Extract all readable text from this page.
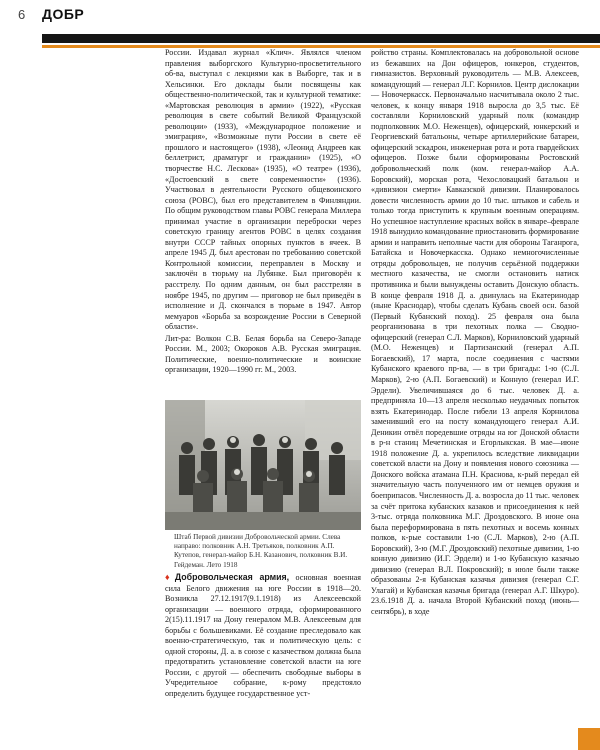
6 ДОБР

России. Издавал журнал «Клич». Являлся членом правления выборгского Культурно-просветительного об-ва, выступал с лекциями как в Выборге, так и в Хельсинки. Его доклады были посвящены как общественно-политической, так и культурной тематике: «Мартовская революция в армии» (1922), «Русская революция в свете событий Великой Французской революции» (1933), «Международное положение и эмиграция», «Возможные пути России в свете её прошлого и настоящего» (1938), «Леонид Андреев как беллетрист, драматург и гражданин» (1925), «О творчестве Н.С. Лескова» (1935), «О театре» (1936), «Достоевский в свете современности» (1936). Участвовал в деятельности Русского общевоинского союза (РОВС), был его представителем в Финляндии. По общим руководством главы РОВС генерала Миллера принимал участие в организации переброски через советскую границу агентов РОВС в целях создания внутри СССР тайных опорных пунктов в ячеек. В апреле 1945 Д. был арестован по требованию советской Контрольной комиссии, переправлен в Москву и заключён в тюрьму на Лубянке. Был приговорён к расстрелу. По одним данным, он был расстрелян в ноябре 1945, по другим — приговор не был приведён в исполнение и Д. скончался в тюрьме в 1947. Автор мемуаров «Борьба за возрождение России в Северной области».

Лит-ра: Волкон С.В. Белая борьба на Северо-Западе России. М., 2003; Окороков А.В. Русская эмиграция. Политические, военно-политические и воинские организации, 1920—1990 гг. М., 2003.

Штаб Первой дивизии Добровольческой армии. Слева направо: полковник А.Н. Третьяков, полковник А.П. Кутепов, генерал-майор Б.Н. Казанович, полковник В.И. Гейдеман. Лето 1918
♦Добровольческая армия, основная военная сила Белого движения на юге России в 1918—20. Возникла 27.12.1917(9.1.1918) из Алексеевской организации — военного отряда, сформированного 2(15).11.1917 на Дону генералом М.В. Алексеевым для борьбы с большевиками. Её создание преследовало как военно-стратегическую, так и политическую цель: с одной стороны, Д. а. в союзе с казачеством должна была предотвратить установление советской власти на юге России, с другой — обеспечить свободные выборы в Учредительное собрание, к-рому предстояло определить будущее государственное уст-

ройство страны. Комплектовалась на добровольной основе из бежавших на Дон офицеров, юнкеров, студентов, гимназистов. Верховный руководитель — М.В. Алексеев, командующий — генерал Л.Г. Корнилов. Центр дислокации — Новочеркасск. Первоначально насчитывала около 2 тыс. человек, к концу января 1918 выросла до 3,5 тыс. Её составляли Корниловский ударный полк (командир подполковник М.О. Неженцев), офицерский, юнкерский и Георгиевский батальоны, четыре артиллерийские батареи, офицерский эскадрон, инженерная рота и рота гвардейских офицеров. Позже были сформированы Ростовский добровольческий полк (ком. генерал-майор А.А. Боровский), морская рота, Чехословацкий батальон и «дивизион смерти» Кавказской дивизии. Планировалось довести численность армии до 10 тыс. штыков и сабель и только тогда приступить к крупным военным операциям. Но успешное наступление красных войск в январе–феврале 1918 вынудило командование приостановить формирование армии и направить неполные части для обороны Таганрога, Батайска и Новочеркасска. Однако немногочисленные отряды добровольцев, не получив серьёзной поддержки местного казачества, не смогли остановить натиск противника и были вынуждены оставить Донскую область. В конце февраля 1918 Д. а. двинулась на Екатеринодар (ныне Краснодар), чтобы сделать Кубань своей осн. базой (Первый Кубанский поход). 25 февраля она была реорганизована в три пехотных полка — Сводно-офицерский (генерал С.Л. Марков), Корниловский ударный (М.О. Неженцев) и Партизанский (генерал А.П. Богаевский), 17 марта, после соединения с частями Кубанского краевого пр-ва, — в три бригады: 1-ю (С.Л. Марков), 2-ю (А.П. Богаевский) и Конную (генерал И.Г. Эрдели). Увеличившаяся до 6 тыс. человек Д. а. предприняла 10—13 апреля несколько неудачных попыток взять Екатеринодар. После гибели 13 апреля Корнилова заменивший его на посту командующего генерал А.И. Деникин отвёл поредевшие отряды на юг Донской области в р-н станиц Мечетинская и Егорлыкская. В мае—июне 1918 положение Д. а. укрепилось вследствие ликвидации советской власти на Дону и появления нового союзника — Донского войска атамана П.Н. Краснова, к-рый передал ей значительную часть полученного им от немцев оружия и боеприпасов. Численность Д. а. возросла до 11 тыс. человек за счёт притока кубанских казаков и присоединения к ней 3-тыс. отряда полковника М.Г. Дроздовского. В июне она была переформирована в пять пехотных и восемь конных полков, к-рые составили 1-ю (С.Л. Марков), 2-ю (А.П. Боровский), 3-ю (М.Г. Дроздовский) пехотные дивизии, 1-ю конную дивизию (И.Г. Эрдели) и 1-ю Кубанскую казачью дивизию (генерал В.Л. Покровский); в июле были также образованы 2-я Кубанская казачья дивизия (генерал С.Г. Улагай) и Кубанская казачья бригада (генерал А.Г. Шкуро). 23.6.1918 Д. а. начала Второй Кубанский поход (июнь—сентябрь), в ходе
